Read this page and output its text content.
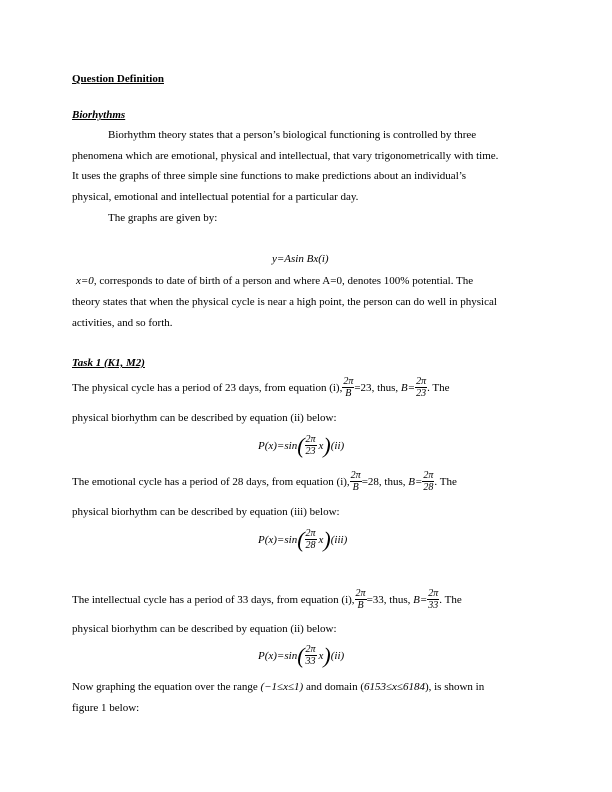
Question Definition
Biorhythms
Biorhythm theory states that a person’s biological functioning is controlled by three
phenomena which are emotional, physical and intellectual, that vary trigonometrically with time.
It uses the graphs of three simple sine functions to make predictions about an individual’s
physical, emotional and intellectual potential for a particular day.
The graphs are given by:
y=Asin Bx(i)
x=0, corresponds to date of birth of a person and where A=0, denotes 100% potential. The
theory states that when the physical cycle is near a high point, the person can do well in physical
activities, and so forth.
Task 1 (K1, M2)
The physical cycle has a period of 23 days, from equation (i), $\frac{2\pi}{B} =23$ , thus, $B= \frac{2\pi}{23}$ . The
physical biorhythm can be described by equation (ii) below:
P(x)=sin ( $\frac{2\pi}{23}$ x ) (ii)
The emotional cycle has a period of 28 days, from equation (i), $\frac{2\pi}{B} =28$ , thus, $B= \frac{2\pi}{28}$ . The
physical biorhythm can be described by equation (iii) below:
P(x)=sin ( $\frac{2\pi}{28}$ x ) (iii)
The intellectual cycle has a period of 33 days, from equation (i), $\frac{2\pi}{B} =33$ , thus, $B= \frac{2\pi}{33}$ . The
physical biorhythm can be described by equation (ii) below:
P(x)=sin ( $\frac{2\pi}{33}$ x ) (ii)
Now graphing the equation over the range (−1≤x≤1) and domain (6153≤x≤6184), is shown in
figure 1 below:
